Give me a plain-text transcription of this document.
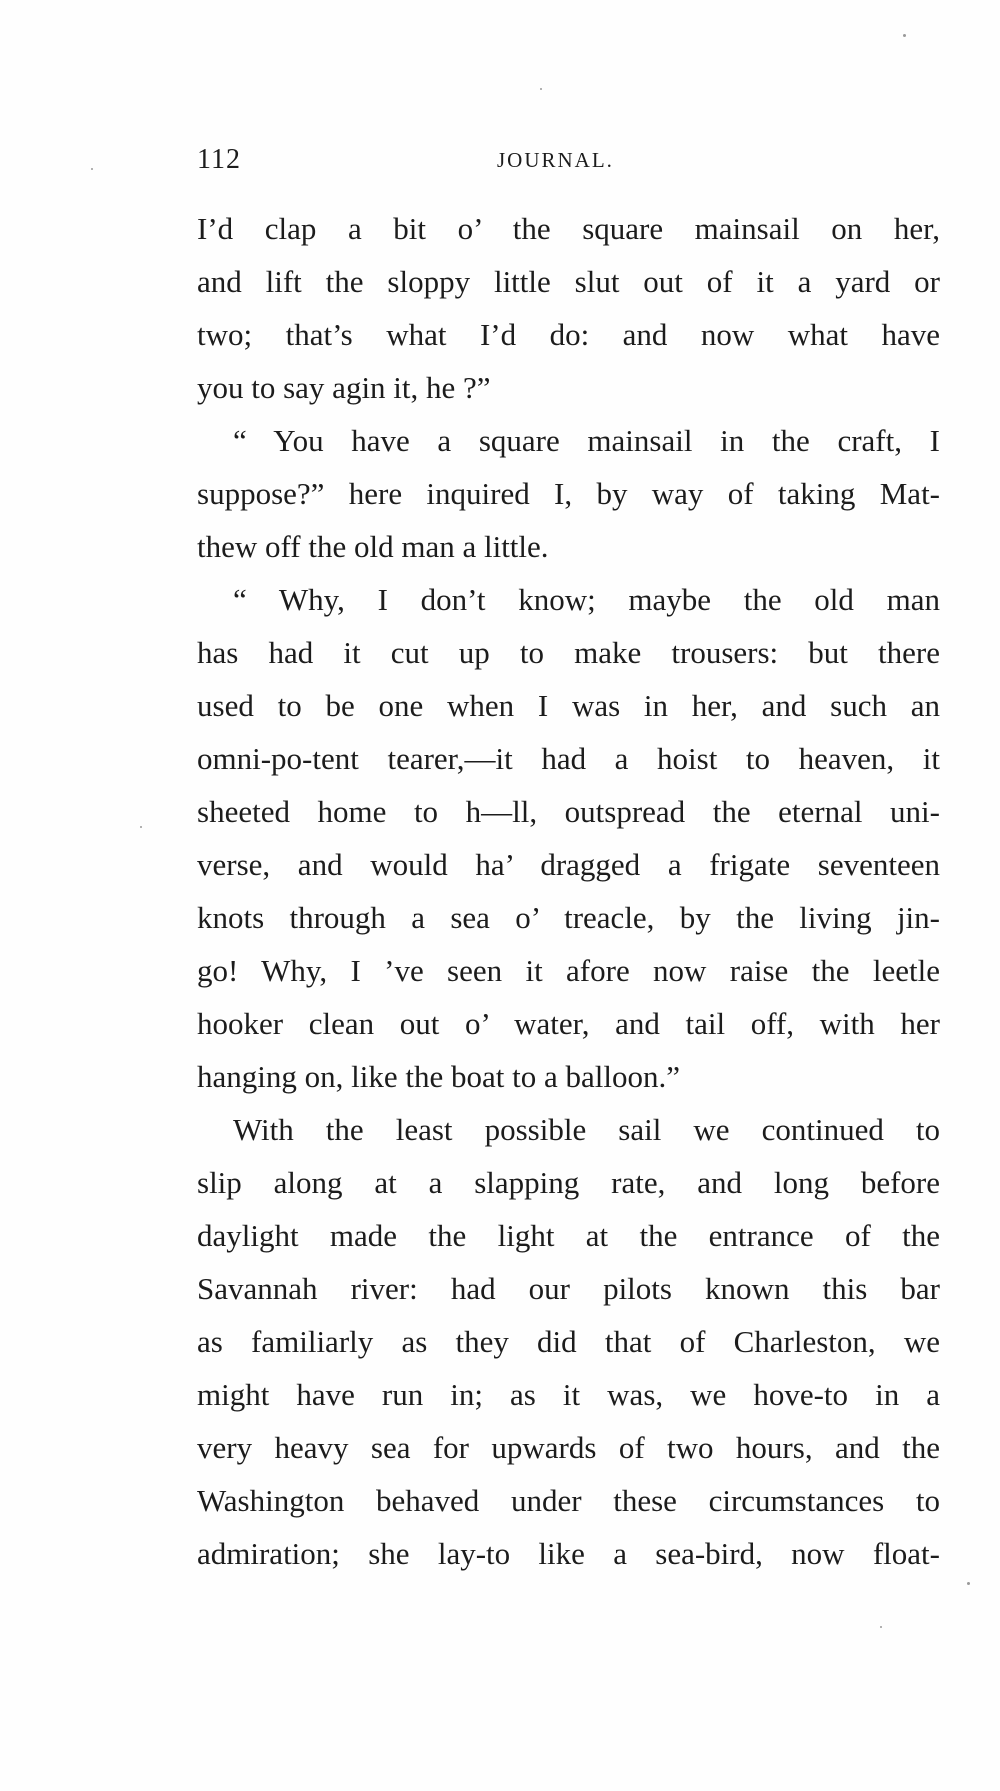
112	JOURNAL.
I’d clap a bit o’ the square mainsail on her,
and lift the sloppy little slut out of it a yard or
two; that’s what I’d do: and now what have
you to say agin it, he ?”
“ You have a square mainsail in the craft, I
suppose?” here inquired I, by way of taking Mat-
thew off the old man a little.
“ Why, I don’t know; maybe the old man
has had it cut up to make trousers: but there
used to be one when I was in her, and such an
omni-po-tent tearer,—it had a hoist to heaven, it
sheeted home to h—ll, outspread the eternal uni-
verse, and would ha’ dragged a frigate seventeen
knots through a sea o’ treacle, by the living jin-
go! Why, I ’ve seen it afore now raise the leetle
hooker clean out o’ water, and tail off, with her
hanging on, like the boat to a balloon.”
With the least possible sail we continued to
slip along at a slapping rate, and long before
daylight made the light at the entrance of the
Savannah river: had our pilots known this bar
as familiarly as they did that of Charleston, we
might have run in; as it was, we hove-to in a
very heavy sea for upwards of two hours, and the
Washington behaved under these circumstances to
admiration; she lay-to like a sea-bird, now float-
